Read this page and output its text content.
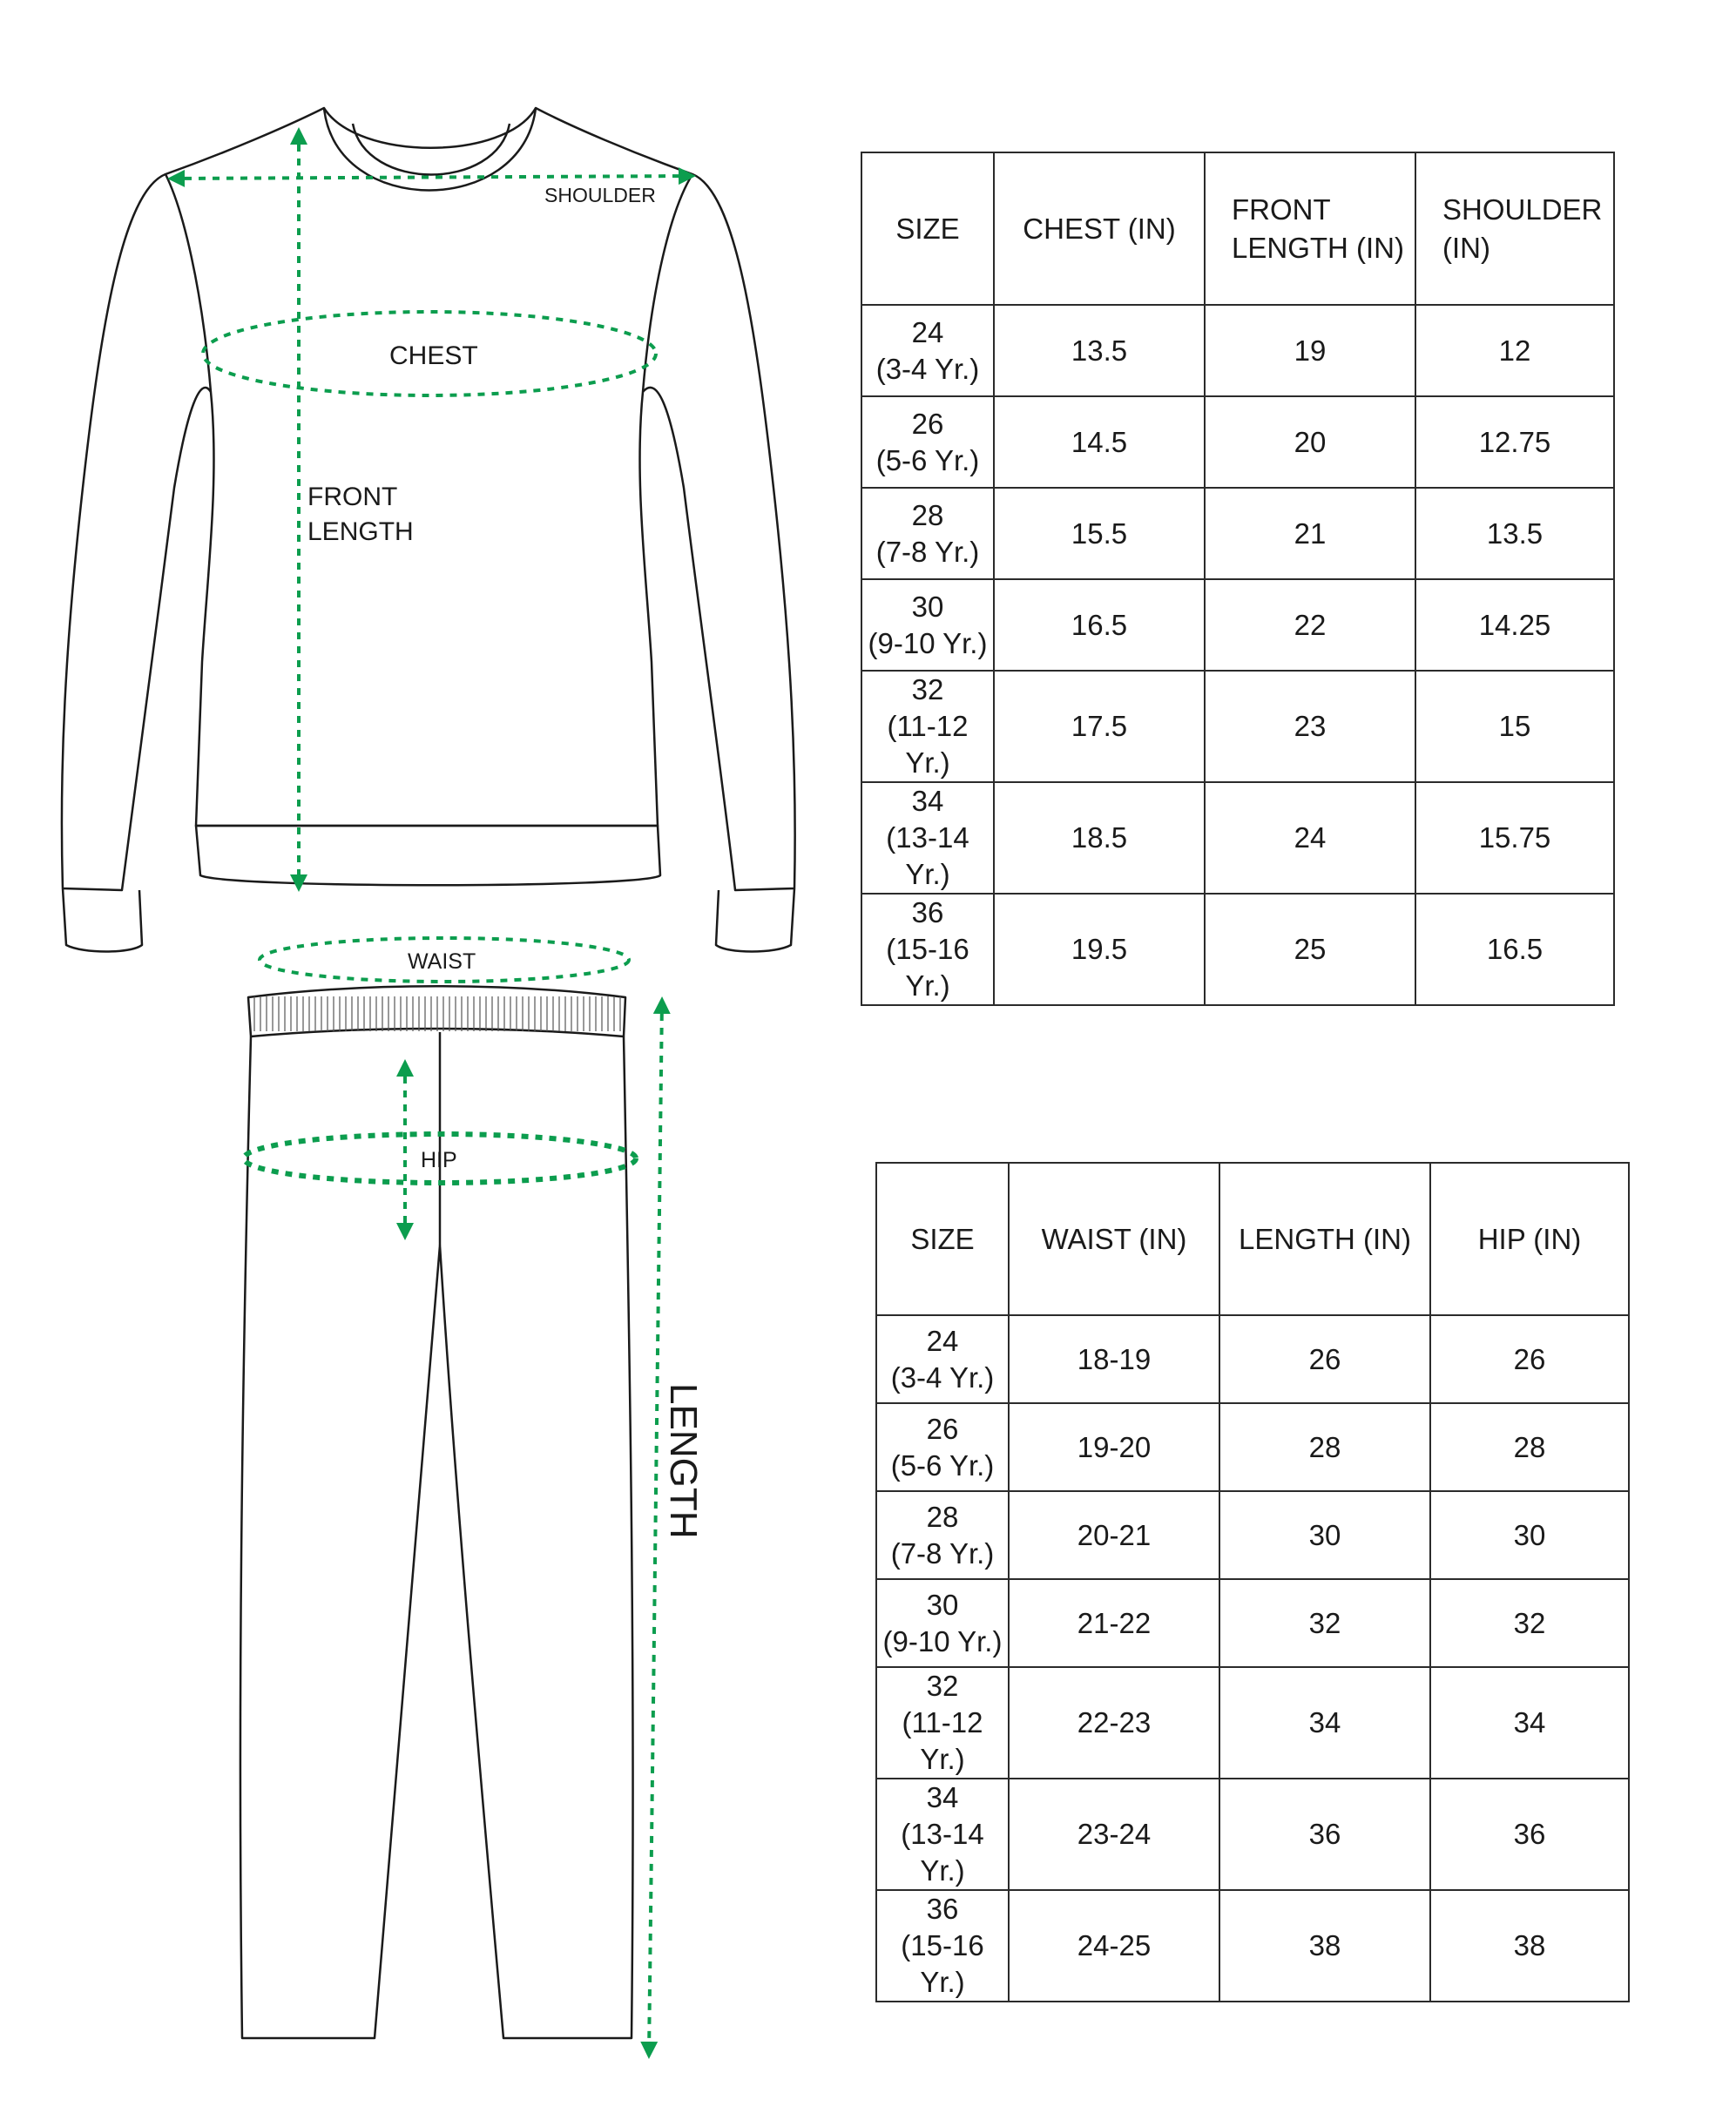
SHOULDER
CHEST
FRONT
LENGTH
WAIST
HIP
LENGTH
SIZE	CHEST (IN)	FRONT LENGTH (IN)	SHOULDER (IN)

24
(3-4 Yr.)	13.5	19	12

26
(5-6 Yr.)	14.5	20	12.75

28
(7-8 Yr.)	15.5	21	13.5

30
(9-10 Yr.)	16.5	22	14.25

32
(11-12 Yr.)	17.5	23	15

34
(13-14 Yr.)	18.5	24	15.75

36
(15-16 Yr.)	19.5	25	16.5
SIZE	WAIST (IN)	LENGTH (IN)	HIP (IN)

24
(3-4 Yr.)	18-19	26	26

26
(5-6 Yr.)	19-20	28	28

28
(7-8 Yr.)	20-21	30	30

30
(9-10 Yr.)	21-22	32	32

32
(11-12 Yr.)	22-23	34	34

34
(13-14 Yr.)	23-24	36	36

36
(15-16 Yr.)	24-25	38	38
